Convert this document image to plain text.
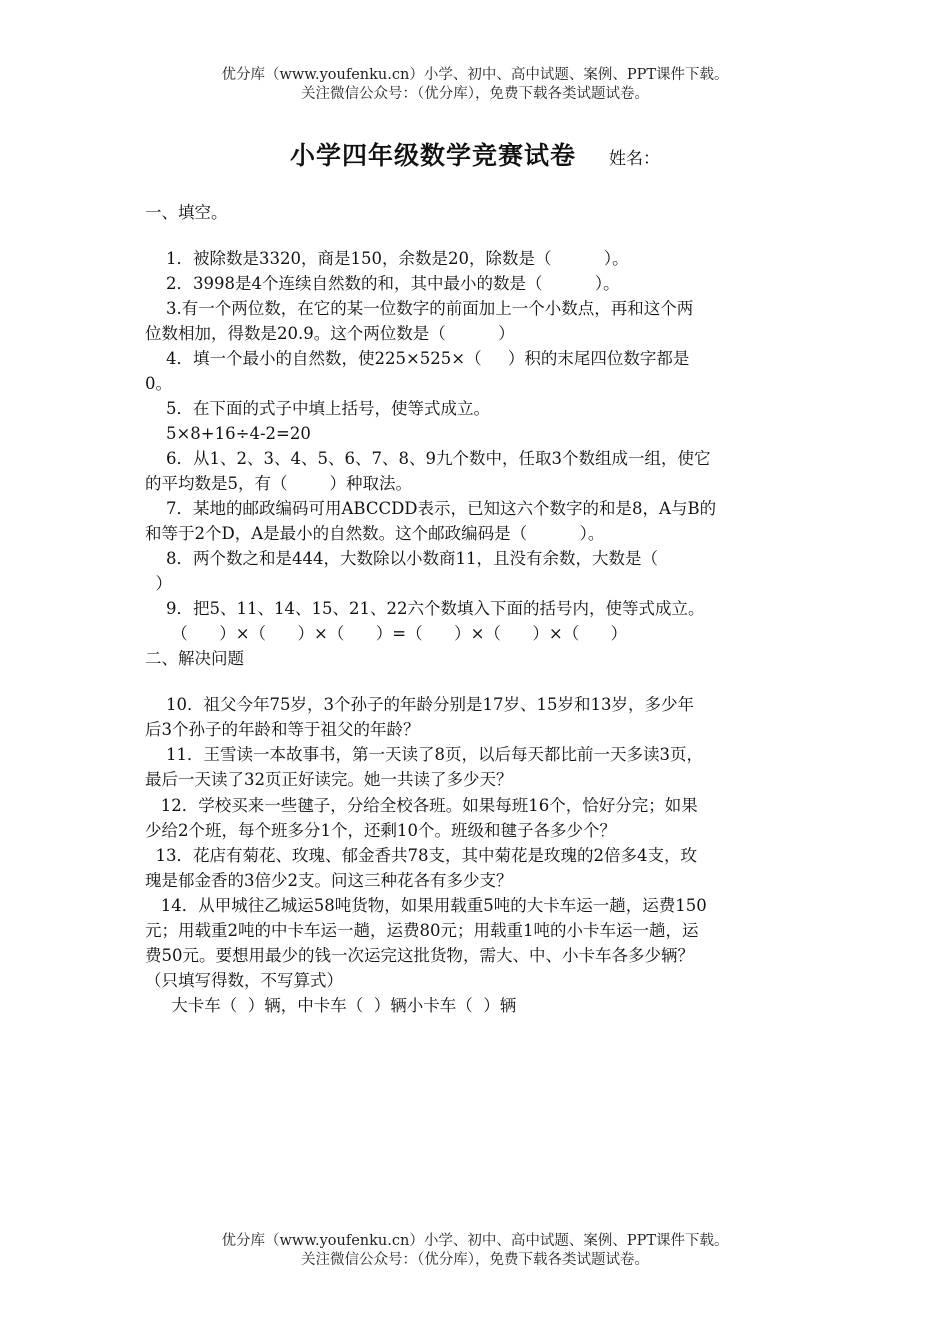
优分库（www.youfenku.cn）小学、初中、高中试题、案例、PPT课件下载。
关注微信公众号：（优分库），免费下载各类试题试卷。
小学四年级数学竞赛试卷 姓名：
一、填空。
1．被除数是3320，商是150，余数是20，除数是（          ）。
2．3998是4个连续自然数的和，其中最小的数是（          ）。
3.有一个两位数，在它的某一位数字的前面加上一个小数点，再和这个两
位数相加，得数是20.9。这个两位数是（          ）
4．填一个最小的自然数，使225×525×（     ）积的末尾四位数字都是
0。
5．在下面的式子中填上括号，使等式成立。
5×8+16÷4-2=20
6．从1、2、3、4、5、6、7、8、9九个数中，任取3个数组成一组，使它
的平均数是5，有（        ）种取法。
7．某地的邮政编码可用ABCCDD表示，已知这六个数字的和是8，A与B的
和等于2个D，A是最小的自然数。这个邮政编码是（          ）。
8．两个数之和是444，大数除以小数商11，且没有余数，大数是（
）
9．把5、11、14、15、21、22六个数填入下面的括号内，使等式成立。
（      ）×（      ）×（      ）=（      ）×（      ）×（      ）
二、解决问题
10．祖父今年75岁，3个孙子的年龄分别是17岁、15岁和13岁，多少年
后3个孙子的年龄和等于祖父的年龄？
11．王雪读一本故事书，第一天读了8页，以后每天都比前一天多读3页，
最后一天读了32页正好读完。她一共读了多少天？
12．学校买来一些毽子，分给全校各班。如果每班16个，恰好分完；如果
少给2个班，每个班多分1个，还剩10个。班级和毽子各多少个？
13．花店有菊花、玫瑰、郁金香共78支，其中菊花是玫瑰的2倍多4支，玫
瑰是郁金香的3倍少2支。问这三种花各有多少支？
14．从甲城往乙城运58吨货物，如果用载重5吨的大卡车运一趟，运费150
元；用载重2吨的中卡车运一趟，运费80元；用载重1吨的小卡车运一趟，运
费50元。要想用最少的钱一次运完这批货物，需大、中、小卡车各多少辆？
（只填写得数，不写算式）
大卡车（  ）辆，中卡车（  ）辆小卡车（  ）辆
优分库（www.youfenku.cn）小学、初中、高中试题、案例、PPT课件下载。
关注微信公众号：（优分库），免费下载各类试题试卷。
